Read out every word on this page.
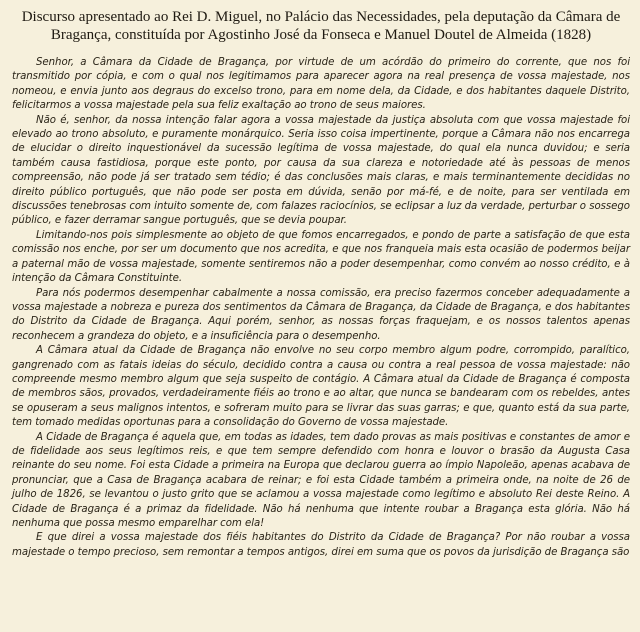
Discurso apresentado ao Rei D. Miguel, no Palácio das Necessidades, pela deputação da Câmara de Bragança, constituída por Agostinho José da Fonseca e Manuel Doutel de Almeida (1828)

Senhor, a Câmara da Cidade de Bragança, por virtude de um acórdão do primeiro do corrente, que nos foi transmitido por cópia, e com o qual nos legitimamos para aparecer agora na real presença de vossa majestade, nos nomeou, e envia junto aos degraus do excelso trono, para em nome dela, da Cidade, e dos habitantes daquele Distrito, felicitarmos a vossa majestade pela sua feliz exaltação ao trono de seus maiores.

Não é, senhor, da nossa intenção falar agora a vossa majestade da justiça absoluta com que vossa majestade foi elevado ao trono absoluto, e puramente monárquico. Seria isso coisa impertinente, porque a Câmara não nos encarrega de elucidar o direito inquestionável da sucessão legítima de vossa majestade, do qual ela nunca duvidou; e seria também causa fastidiosa, porque este ponto, por causa da sua clareza e notoriedade até às pessoas de menos compreensão, não pode já ser tratado sem tédio; é das conclusões mais claras, e mais terminantemente decididas no direito público português, que não pode ser posta em dúvida, senão por má-fé, e de noite, para ser ventilada em discussões tenebrosas com intuito somente de, com falazes raciocínios, se eclipsar a luz da verdade, perturbar o sossego público, e fazer derramar sangue português, que se devia poupar.

Limitando-nos pois simplesmente ao objeto de que fomos encarregados, e pondo de parte a satisfação de que esta comissão nos enche, por ser um documento que nos acredita, e que nos franqueia mais esta ocasião de podermos beijar a paternal mão de vossa majestade, somente sentiremos não a poder desempenhar, como convém ao nosso crédito, e à intenção da Câmara Constituinte.

Para nós podermos desempenhar cabalmente a nossa comissão, era preciso fazermos conceber adequadamente a vossa majestade a nobreza e pureza dos sentimentos da Câmara de Bragança, da Cidade de Bragança, e dos habitantes do Distrito da Cidade de Bragança. Aqui porém, senhor, as nossas forças fraquejam, e os nossos talentos apenas reconhecem a grandeza do objeto, e a insuficiência para o desempenho.

A Câmara atual da Cidade de Bragança não envolve no seu corpo membro algum podre, corrompido, paralítico, gangrenado com as fatais ideias do século, decidido contra a causa ou contra a real pessoa de vossa majestade: não compreende mesmo membro algum que seja suspeito de contágio. A Câmara atual da Cidade de Bragança é composta de membros sãos, provados, verdadeiramente fiéis ao trono e ao altar, que nunca se bandearam com os rebeldes, antes se opuseram a seus malignos intentos, e sofreram muito para se livrar das suas garras; e que, quanto está da sua parte, tem tomado medidas oportunas para a consolidação do Governo de vossa majestade.

A Cidade de Bragança é aquela que, em todas as idades, tem dado provas as mais positivas e constantes de amor e de fidelidade aos seus legítimos reis, e que tem sempre defendido com honra e louvor o brasão da Augusta Casa reinante do seu nome. Foi esta Cidade a primeira na Europa que declarou guerra ao ímpio Napoleão, apenas acabava de pronunciar, que a Casa de Bragança acabara de reinar; e foi esta Cidade também a primeira onde, na noite de 26 de julho de 1826, se levantou o justo grito que se aclamou a vossa majestade como legítimo e absoluto Rei deste Reino. A Cidade de Bragança é a primaz da fidelidade. Não há nenhuma que intente roubar a Bragança esta glória. Não há nenhuma que possa mesmo emparelhar com ela!

E que direi a vossa majestade dos fiéis habitantes do Distrito da Cidade de Bragança? Por não roubar a vossa majestade o tempo precioso, sem remontar a tempos antigos, direi em suma que os povos da jurisdição de Bragança são
